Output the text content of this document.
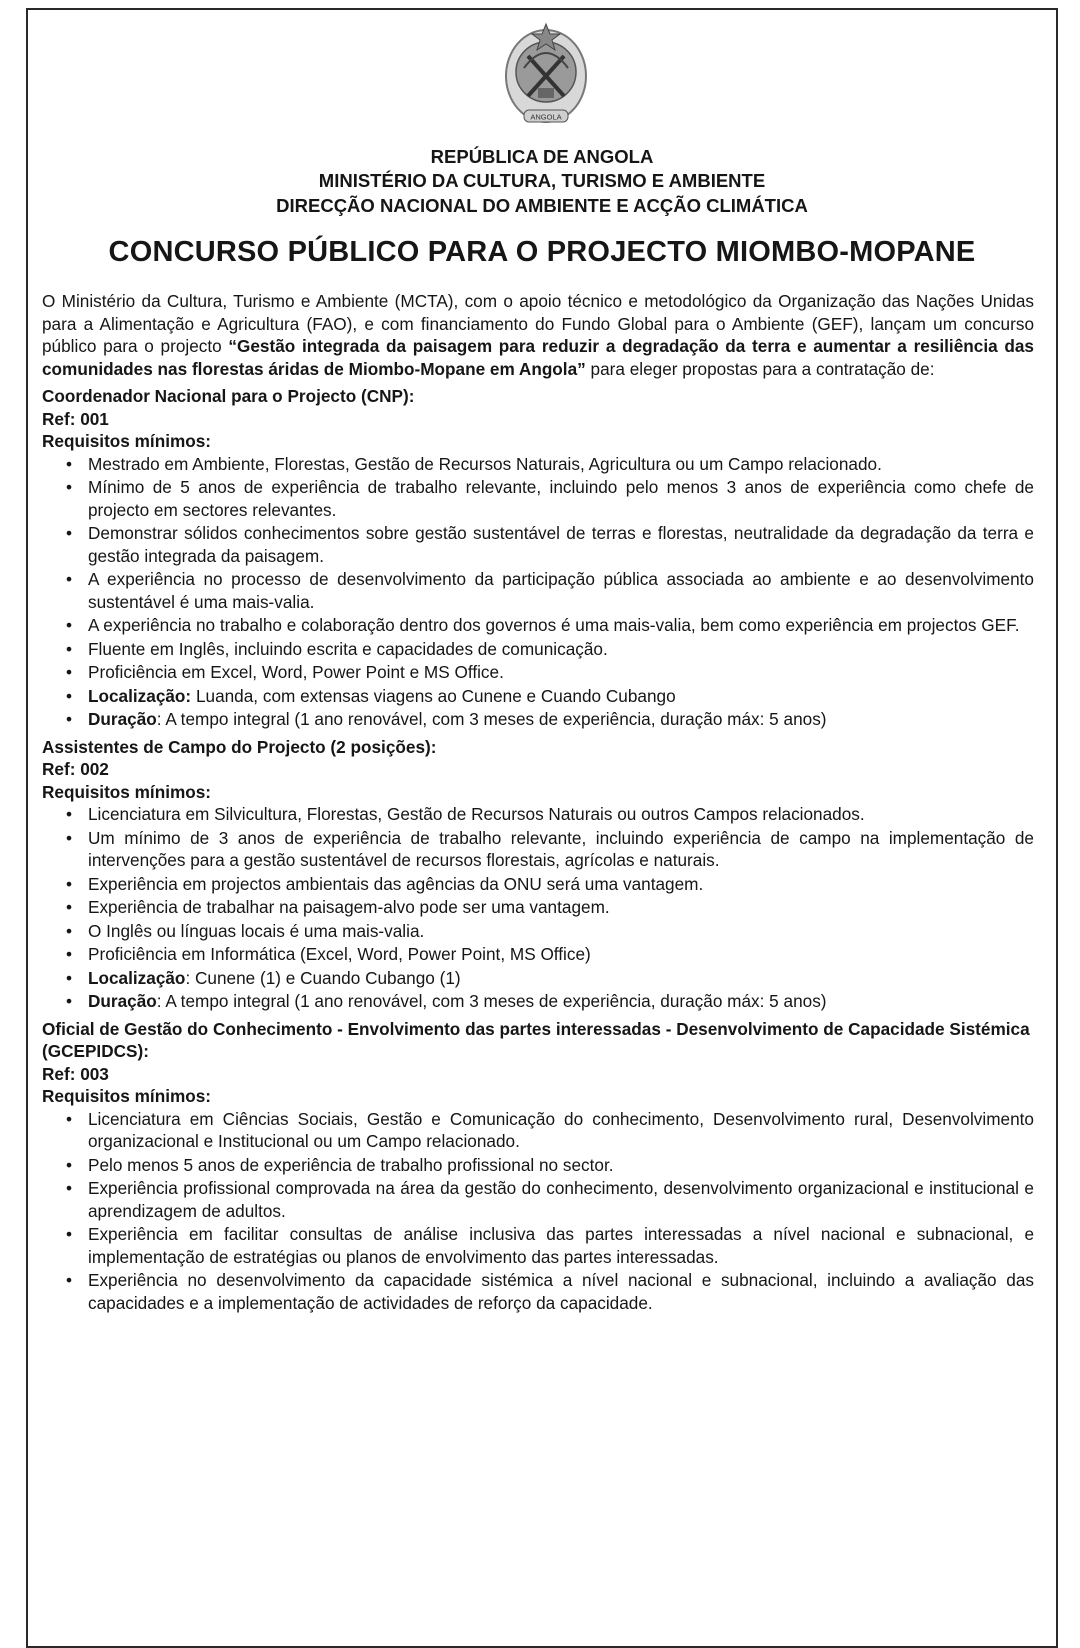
ANGOLA
REPÚBLICA DE ANGOLA
MINISTÉRIO DA CULTURA, TURISMO E AMBIENTE
DIRECÇÃO NACIONAL DO AMBIENTE E ACÇÃO CLIMÁTICA
CONCURSO PÚBLICO PARA O PROJECTO MIOMBO-MOPANE

O Ministério da Cultura, Turismo e Ambiente (MCTA), com o apoio técnico e metodológico da Organização das Nações Unidas para a Alimentação e Agricultura (FAO), e com financiamento do Fundo Global para o Ambiente (GEF), lançam um concurso público para o projecto “Gestão integrada da paisagem para reduzir a degradação da terra e aumentar a resiliência das comunidades nas florestas áridas de Miombo-Mopane em Angola” para eleger propostas para a contratação de:

Coordenador Nacional para o Projecto (CNP):
Ref: 001
Requisitos mínimos:
• Mestrado em Ambiente, Florestas, Gestão de Recursos Naturais, Agricultura ou um Campo relacionado.
• Mínimo de 5 anos de experiência de trabalho relevante, incluindo pelo menos 3 anos de experiência como chefe de projecto em sectores relevantes.
• Demonstrar sólidos conhecimentos sobre gestão sustentável de terras e florestas, neutralidade da degradação da terra e gestão integrada da paisagem.
• A experiência no processo de desenvolvimento da participação pública associada ao ambiente e ao desenvolvimento sustentável é uma mais-valia.
• A experiência no trabalho e colaboração dentro dos governos é uma mais-valia, bem como experiência em projectos GEF.
• Fluente em Inglês, incluindo escrita e capacidades de comunicação.
• Proficiência em Excel, Word, Power Point e MS Office.
• Localização: Luanda, com extensas viagens ao Cunene e Cuando Cubango
• Duração: A tempo integral (1 ano renovável, com 3 meses de experiência, duração máx: 5 anos)
Assistentes de Campo do Projecto (2 posições):
Ref: 002
Requisitos mínimos:
• Licenciatura em Silvicultura, Florestas, Gestão de Recursos Naturais ou outros Campos relacionados.
• Um mínimo de 3 anos de experiência de trabalho relevante, incluindo experiência de campo na implementação de intervenções para a gestão sustentável de recursos florestais, agrícolas e naturais.
• Experiência em projectos ambientais das agências da ONU será uma vantagem.
• Experiência de trabalhar na paisagem-alvo pode ser uma vantagem.
• O Inglês ou línguas locais é uma mais-valia.
• Proficiência em Informática (Excel, Word, Power Point, MS Office)
• Localização: Cunene (1) e Cuando Cubango (1)
• Duração: A tempo integral (1 ano renovável, com 3 meses de experiência, duração máx: 5 anos)
Oficial de Gestão do Conhecimento - Envolvimento das partes interessadas - Desenvolvimento de Capacidade Sistémica (GCEPIDCS):
Ref: 003
Requisitos mínimos:
• Licenciatura em Ciências Sociais, Gestão e Comunicação do conhecimento, Desenvolvimento rural, Desenvolvimento organizacional e Institucional ou um Campo relacionado.
• Pelo menos 5 anos de experiência de trabalho profissional no sector.
• Experiência profissional comprovada na área da gestão do conhecimento, desenvolvimento organizacional e institucional e aprendizagem de adultos.
• Experiência em facilitar consultas de análise inclusiva das partes interessadas a nível nacional e subnacional, e implementação de estratégias ou planos de envolvimento das partes interessadas.
• Experiência no desenvolvimento da capacidade sistémica a nível nacional e subnacional, incluindo a avaliação das capacidades e a implementação de actividades de reforço da capacidade.
